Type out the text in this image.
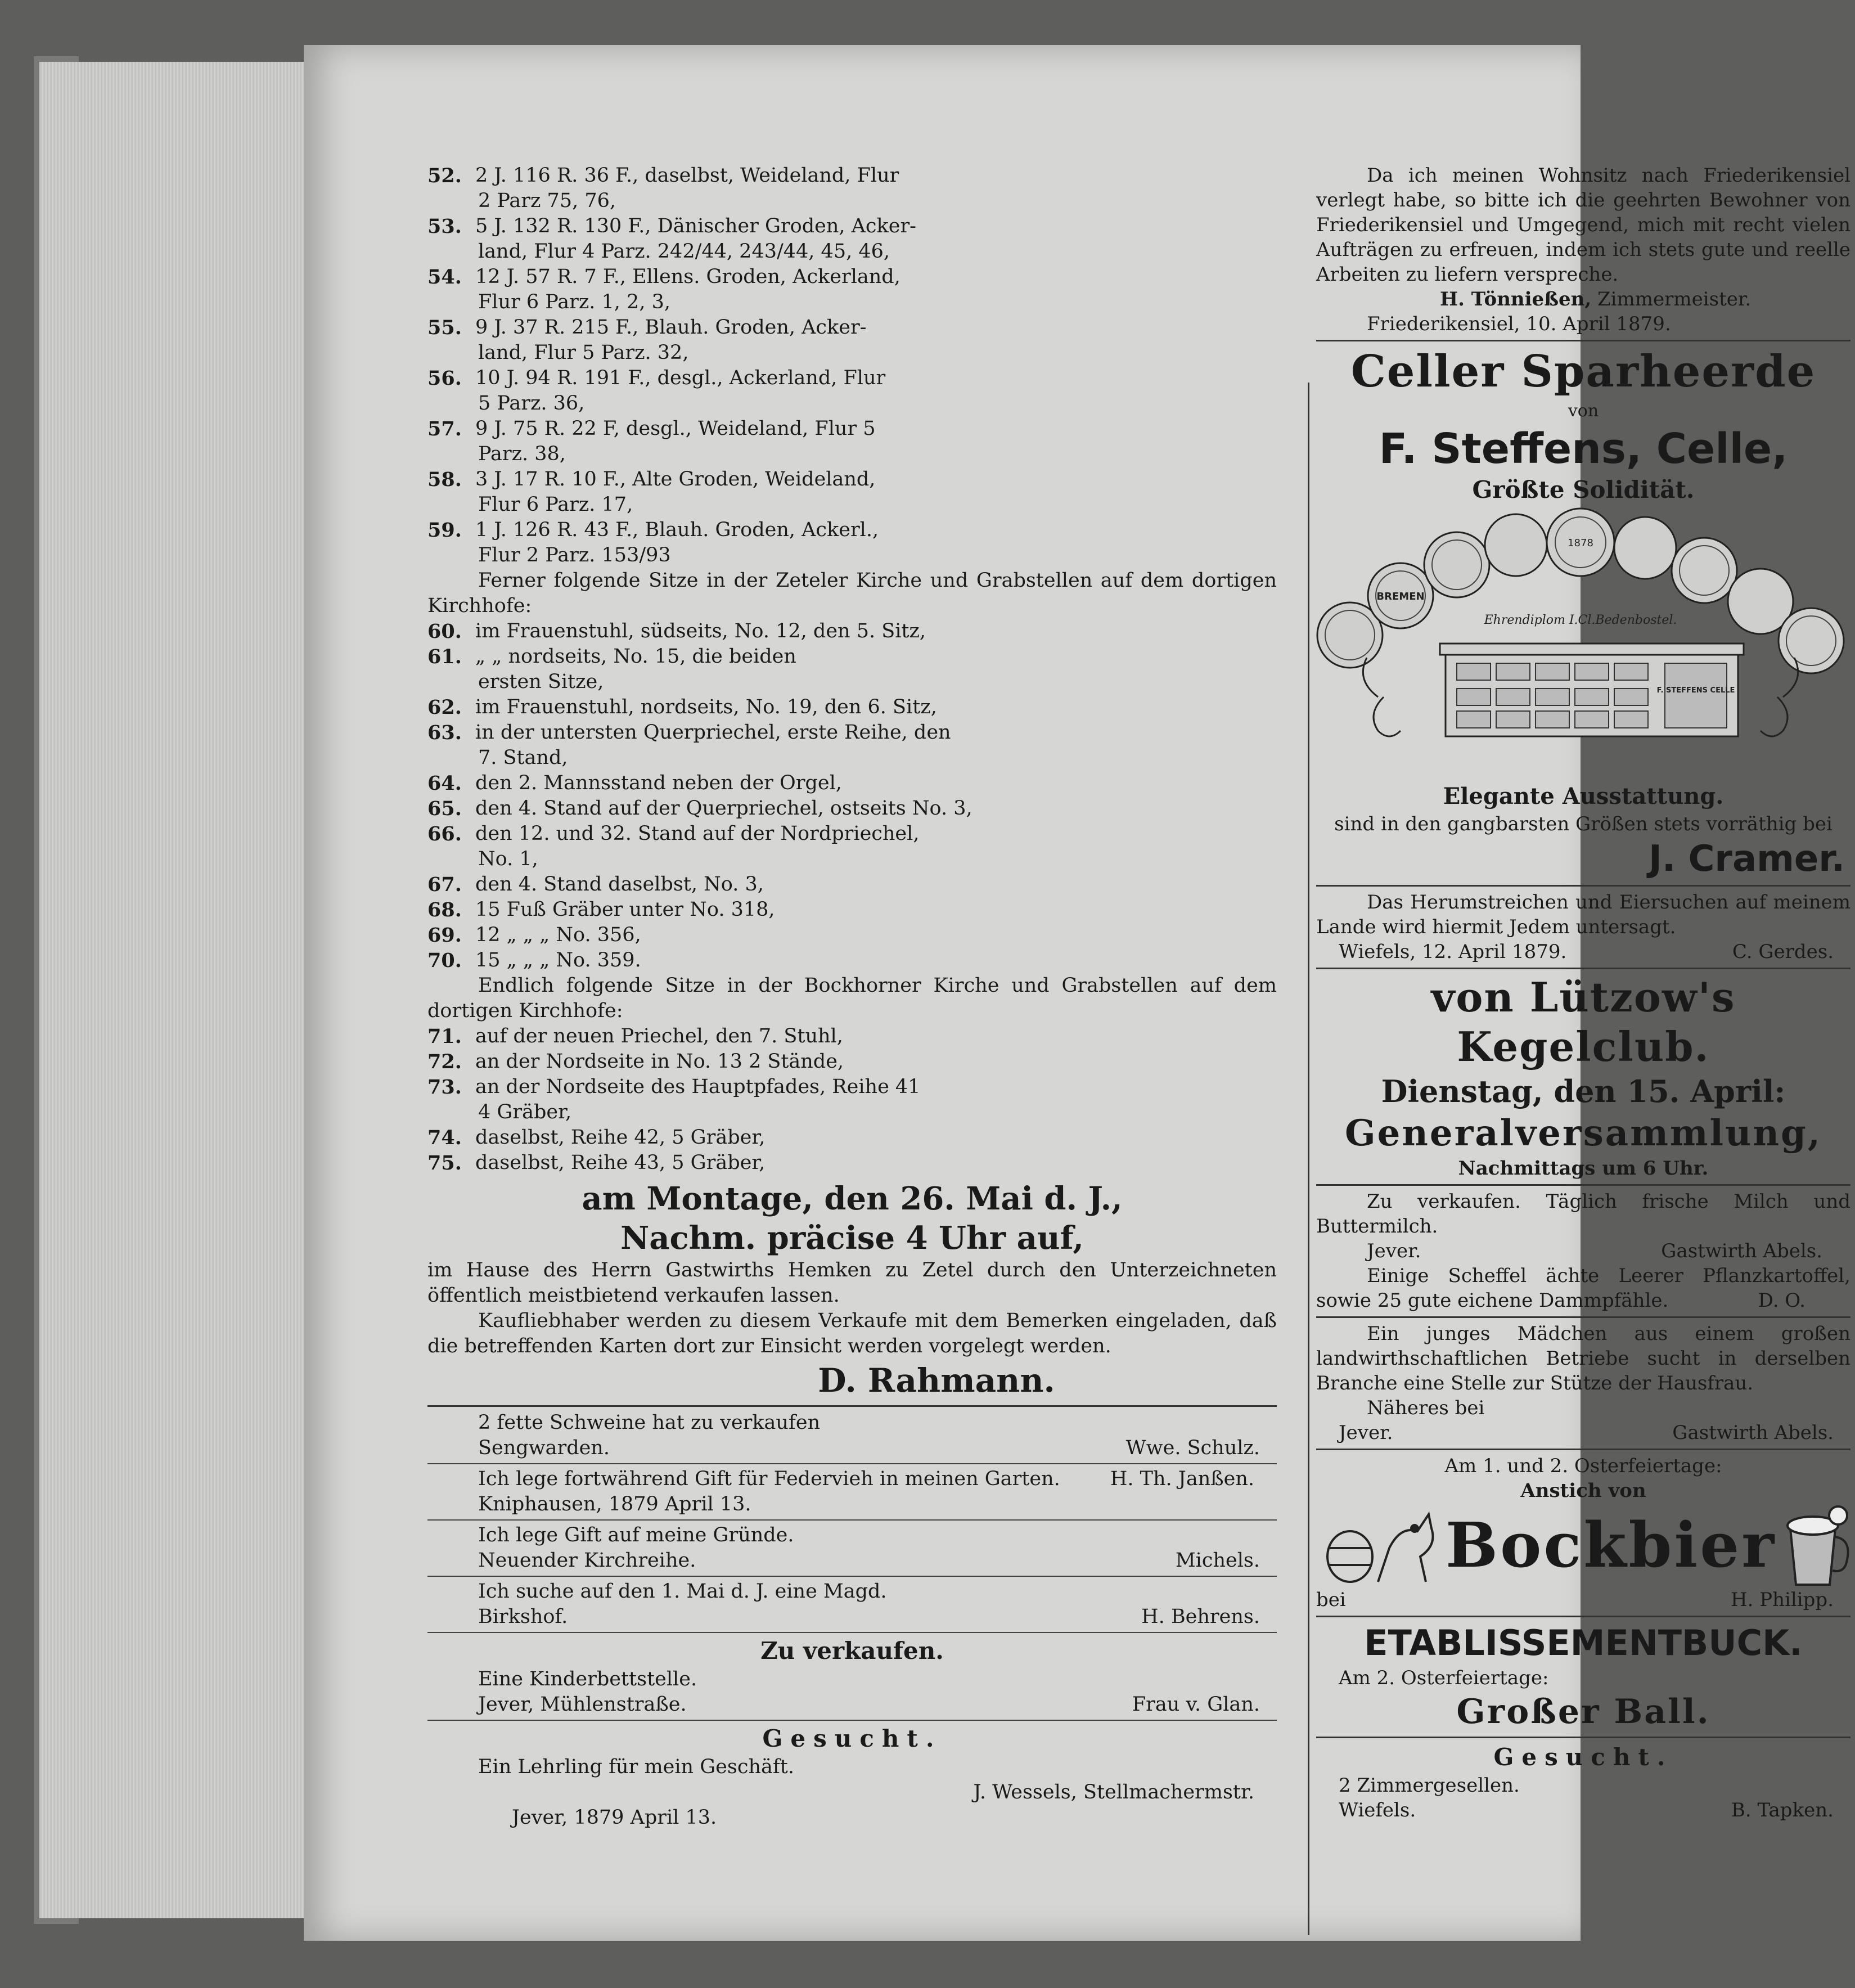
52. 2 J. 116 R. 36 F., daselbst, Weideland, Flur
2 Parz 75, 76,
53. 5 J. 132 R. 130 F., Dänischer Groden, Acker-
land, Flur 4 Parz. 242/44, 243/44, 45, 46,
54. 12 J. 57 R. 7 F., Ellens. Groden, Ackerland,
Flur 6 Parz. 1, 2, 3,
55. 9 J. 37 R. 215 F., Blauh. Groden, Acker-
land, Flur 5 Parz. 32,
56. 10 J. 94 R. 191 F., desgl., Ackerland, Flur
5 Parz. 36,
57. 9 J. 75 R. 22 F, desgl., Weideland, Flur 5
Parz. 38,
58. 3 J. 17 R. 10 F., Alte Groden, Weideland,
Flur 6 Parz. 17,
59. 1 J. 126 R. 43 F., Blauh. Groden, Ackerl.,
Flur 2 Parz. 153/93
Ferner folgende Sitze in der Zeteler Kirche und Grabstellen auf dem dortigen Kirchhofe:
60. im Frauenstuhl, südseits, No. 12, den 5. Sitz,
61. „ „ nordseits, No. 15, die beiden
ersten Sitze,
62. im Frauenstuhl, nordseits, No. 19, den 6. Sitz,
63. in der untersten Querpriechel, erste Reihe, den
7. Stand,
64. den 2. Mannsstand neben der Orgel,
65. den 4. Stand auf der Querpriechel, ostseits No. 3,
66. den 12. und 32. Stand auf der Nordpriechel,
No. 1,
67. den 4. Stand daselbst, No. 3,
68. 15 Fuß Gräber unter No. 318,
69. 12 „ „ „ No. 356,
70. 15 „ „ „ No. 359.
Endlich folgende Sitze in der Bockhorner Kirche und Grabstellen auf dem dortigen Kirchhofe:
71. auf der neuen Priechel, den 7. Stuhl,
72. an der Nordseite in No. 13 2 Stände,
73. an der Nordseite des Hauptpfades, Reihe 41
4 Gräber,
74. daselbst, Reihe 42, 5 Gräber,
75. daselbst, Reihe 43, 5 Gräber,
am Montage, den 26. Mai d. J.,
Nachm. präcise 4 Uhr auf,
im Hause des Herrn Gastwirths Hemken zu Zetel durch den Unterzeichneten öffentlich meistbietend verkaufen lassen.
Kaufliebhaber werden zu diesem Verkaufe mit dem Bemerken eingeladen, daß die betreffenden Karten dort zur Einsicht werden vorgelegt werden.
D. Rahmann.
2 fette Schweine hat zu verkaufen
Sengwarden.	Wwe. Schulz.
Ich lege fortwährend Gift für Federvieh in meinen Garten.	H. Th. Janßen.
Kniphausen, 1879 April 13.
Ich lege Gift auf meine Gründe.
Neuender Kirchreihe.	Michels.
Ich suche auf den 1. Mai d. J. eine Magd.
Birkshof.	H. Behrens.
Zu verkaufen.
Eine Kinderbettstelle.
Jever, Mühlenstraße.	Frau v. Glan.
Gesucht.
Ein Lehrling für mein Geschäft.
J. Wessels, Stellmachermstr.
Jever, 1879 April 13.
Da ich meinen Wohnsitz nach Friederikensiel verlegt habe, so bitte ich die geehrten Bewohner von Friederikensiel und Umgegend, mich mit recht vielen Aufträgen zu erfreuen, indem ich stets gute und reelle Arbeiten zu liefern verspreche.
H. Tönnießen, Zimmermeister.
Friederikensiel, 10. April 1879.
Celler Sparheerde
von
F. Steffens, Celle,
Größte Solidität.
BREMEN
1878
Ehrendiplom I.Cl.Bedenbostel.
F. STEFFENS CELLE
Elegante Ausstattung.
sind in den gangbarsten Größen stets vorräthig bei
J. Cramer.
Das Herumstreichen und Eiersuchen auf meinem Lande wird hiermit Jedem untersagt.
Wiefels, 12. April 1879.	C. Gerdes.
von Lützow's Kegelclub.
Dienstag, den 15. April:
Generalversammlung,
Nachmittags um 6 Uhr.
Zu verkaufen. Täglich frische Milch und Buttermilch.
Jever.	Gastwirth Abels.
Einige Scheffel ächte Leerer Pflanzkartoffel, sowie 25 gute eichene Dammpfähle.	D. O.
Ein junges Mädchen aus einem großen landwirthschaftlichen Betriebe sucht in derselben Branche eine Stelle zur Stütze der Hausfrau.
Näheres bei
Jever.	Gastwirth Abels.
Am 1. und 2. Osterfeiertage:
Anstich von
Bockbier
bei	H. Philipp.
ETABLISSEMENTBUCK.
Am 2. Osterfeiertage:
Großer Ball.
Gesucht.
2 Zimmergesellen.
Wiefels.	B. Tapken.
